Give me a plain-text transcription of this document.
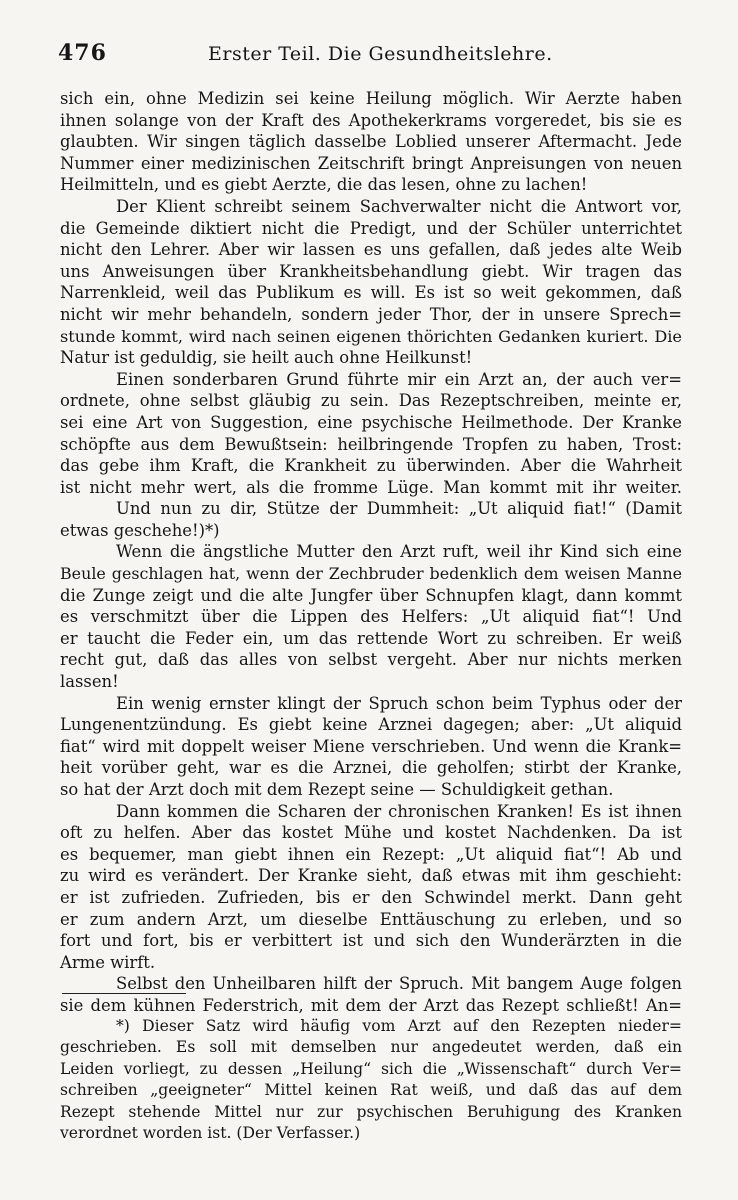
476	Erster Teil. Die Gesundheitslehre.
sich ein, ohne Medizin sei keine Heilung möglich. Wir Aerzte haben
ihnen solange von der Kraft des Apothekerkrams vorgeredet, bis sie es
glaubten. Wir singen täglich dasselbe Loblied unserer Aftermacht. Jede
Nummer einer medizinischen Zeitschrift bringt Anpreisungen von neuen
Heilmitteln, und es giebt Aerzte, die das lesen, ohne zu lachen!
Der Klient schreibt seinem Sachverwalter nicht die Antwort vor,
die Gemeinde diktiert nicht die Predigt, und der Schüler unterrichtet
nicht den Lehrer. Aber wir lassen es uns gefallen, daß jedes alte Weib
uns Anweisungen über Krankheitsbehandlung giebt. Wir tragen das
Narrenkleid, weil das Publikum es will. Es ist so weit gekommen, daß
nicht wir mehr behandeln, sondern jeder Thor, der in unsere Sprech=
stunde kommt, wird nach seinen eigenen thörichten Gedanken kuriert. Die
Natur ist geduldig, sie heilt auch ohne Heilkunst!
Einen sonderbaren Grund führte mir ein Arzt an, der auch ver=
ordnete, ohne selbst gläubig zu sein. Das Rezeptschreiben, meinte er,
sei eine Art von Suggestion, eine psychische Heilmethode. Der Kranke
schöpfte aus dem Bewußtsein: heilbringende Tropfen zu haben, Trost:
das gebe ihm Kraft, die Krankheit zu überwinden. Aber die Wahrheit
ist nicht mehr wert, als die fromme Lüge. Man kommt mit ihr weiter.
Und nun zu dir, Stütze der Dummheit: „Ut aliquid fiat!“ (Damit
etwas geschehe!)*)
Wenn die ängstliche Mutter den Arzt ruft, weil ihr Kind sich eine
Beule geschlagen hat, wenn der Zechbruder bedenklich dem weisen Manne
die Zunge zeigt und die alte Jungfer über Schnupfen klagt, dann kommt
es verschmitzt über die Lippen des Helfers: „Ut aliquid fiat“! Und
er taucht die Feder ein, um das rettende Wort zu schreiben. Er weiß
recht gut, daß das alles von selbst vergeht. Aber nur nichts merken
lassen!
Ein wenig ernster klingt der Spruch schon beim Typhus oder der
Lungenentzündung. Es giebt keine Arznei dagegen; aber: „Ut aliquid
fiat“ wird mit doppelt weiser Miene verschrieben. Und wenn die Krank=
heit vorüber geht, war es die Arznei, die geholfen; stirbt der Kranke,
so hat der Arzt doch mit dem Rezept seine — Schuldigkeit gethan.
Dann kommen die Scharen der chronischen Kranken! Es ist ihnen
oft zu helfen. Aber das kostet Mühe und kostet Nachdenken. Da ist
es bequemer, man giebt ihnen ein Rezept: „Ut aliquid fiat“! Ab und
zu wird es verändert. Der Kranke sieht, daß etwas mit ihm geschieht:
er ist zufrieden. Zufrieden, bis er den Schwindel merkt. Dann geht
er zum andern Arzt, um dieselbe Enttäuschung zu erleben, und so
fort und fort, bis er verbittert ist und sich den Wunderärzten in die
Arme wirft.
Selbst den Unheilbaren hilft der Spruch. Mit bangem Auge folgen
sie dem kühnen Federstrich, mit dem der Arzt das Rezept schließt! An=
*) Dieser Satz wird häufig vom Arzt auf den Rezepten nieder=
geschrieben. Es soll mit demselben nur angedeutet werden, daß ein
Leiden vorliegt, zu dessen „Heilung“ sich die „Wissenschaft“ durch Ver=
schreiben „geeigneter“ Mittel keinen Rat weiß, und daß das auf dem
Rezept stehende Mittel nur zur psychischen Beruhigung des Kranken
verordnet worden ist. (Der Verfasser.)
